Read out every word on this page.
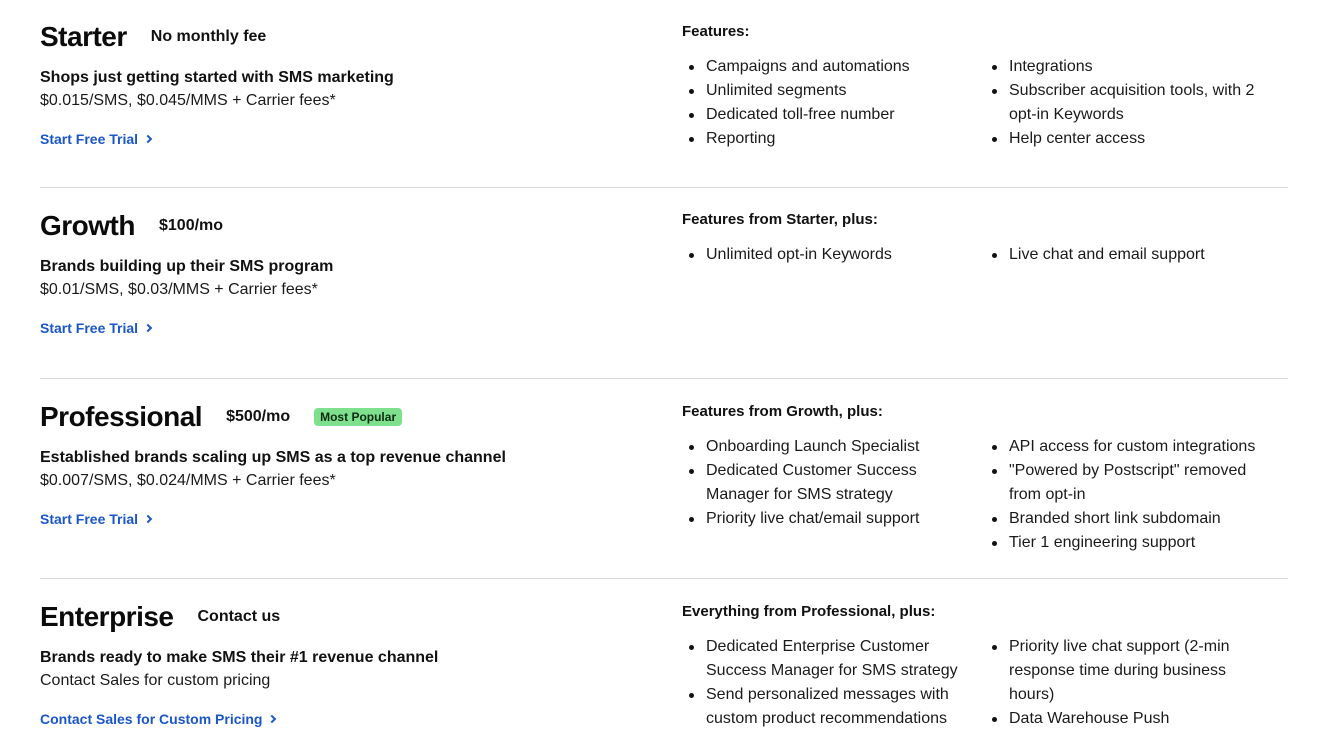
Starter No monthly fee

Shops just getting started with SMS marketing

$0.015/SMS, $0.045/MMS + Carrier fees*

Start Free Trial
Features:
Campaigns and automations
Unlimited segments
Dedicated toll-free number
Reporting
Integrations
Subscriber acquisition tools, with 2 opt-in Keywords
Help center access
Growth $100/mo

Brands building up their SMS program

$0.01/SMS, $0.03/MMS + Carrier fees*

Start Free Trial
Features from Starter, plus:
Unlimited opt-in Keywords	Live chat and email support
Professional $500/mo	Most Popular

Established brands scaling up SMS as a top revenue channel

$0.007/SMS, $0.024/MMS + Carrier fees*

Start Free Trial
Features from Growth, plus:
Onboarding Launch Specialist
Dedicated Customer Success Manager for SMS strategy
Priority live chat/email support
API access for custom integrations
"Powered by Postscript" removed from opt-in
Branded short link subdomain
Tier 1 engineering support
Enterprise Contact us

Brands ready to make SMS their #1 revenue channel

Contact Sales for custom pricing

Contact Sales for Custom Pricing
Everything from Professional, plus:
Dedicated Enterprise Customer Success Manager for SMS strategy
Send personalized messages with custom product recommendations
Priority live chat support (2-min response time during business hours)
Data Warehouse Push
